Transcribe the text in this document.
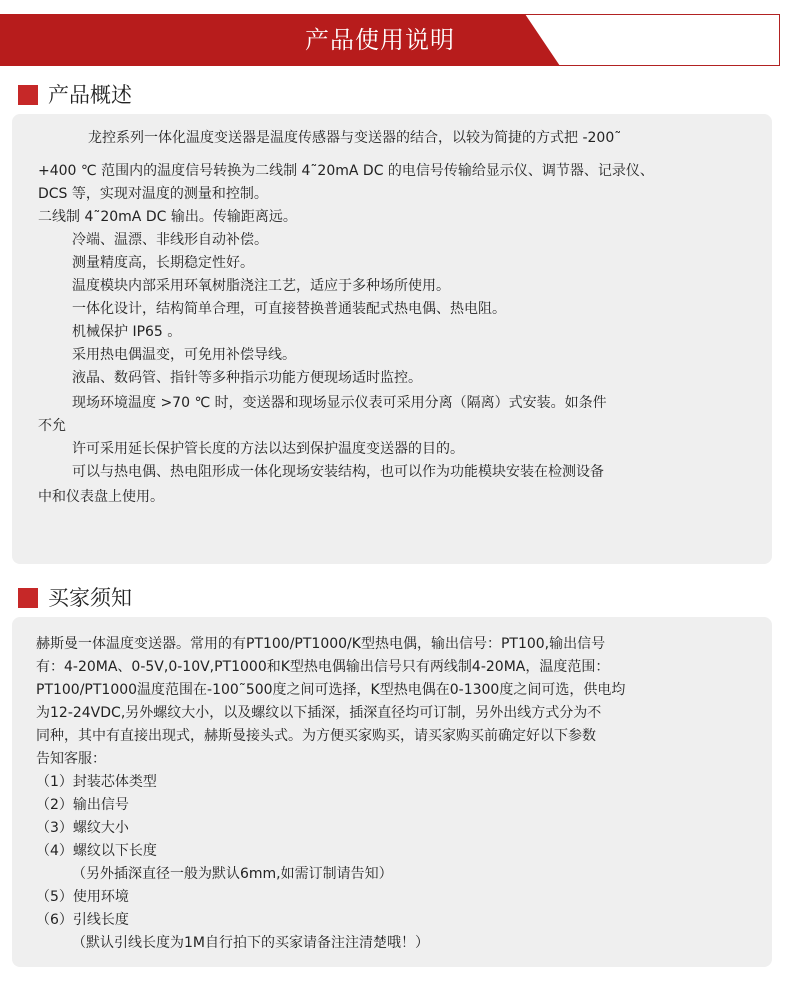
产品使用说明
产品概述
龙控系列一体化温度变送器是温度传感器与变送器的结合，以较为简捷的方式把 -200˜
+400 ℃ 范围内的温度信号转换为二线制 4˜20mA DC 的电信号传输给显示仪、调节器、记录仪、
DCS 等，实现对温度的测量和控制。
二线制 4˜20mA DC 输出。传输距离远。
冷端、温漂、非线形自动补偿。
测量精度高，长期稳定性好。
温度模块内部采用环氧树脂浇注工艺，适应于多种场所使用。
一体化设计，结构简单合理，可直接替换普通装配式热电偶、热电阻。
机械保护 IP65 。
采用热电偶温变，可免用补偿导线。
液晶、数码管、指针等多种指示功能方便现场适时监控。
现场环境温度 >70 ℃ 时，变送器和现场显示仪表可采用分离（隔离）式安装。如条件
不允
许可采用延长保护管长度的方法以达到保护温度变送器的目的。
可以与热电偶、热电阻形成一体化现场安装结构，也可以作为功能模块安装在检测设备
中和仪表盘上使用。
买家须知
赫斯曼一体温度变送器。常用的有PT100/PT1000/K型热电偶，输出信号：PT100,输出信号
有：4-20MA、0-5V,0-10V,PT1000和K型热电偶输出信号只有两线制4-20MA，温度范围：
PT100/PT1000温度范围在-100˜500度之间可选择，K型热电偶在0-1300度之间可选，供电均
为12-24VDC,另外螺纹大小，以及螺纹以下插深，插深直径均可订制，另外出线方式分为不
同种，其中有直接出现式，赫斯曼接头式。为方便买家购买，请买家购买前确定好以下参数
告知客服：
（1）封装芯体类型
（2）输出信号
（3）螺纹大小
（4）螺纹以下长度
（另外插深直径一般为默认6mm,如需订制请告知）
（5）使用环境
（6）引线长度
（默认引线长度为1M自行拍下的买家请备注注清楚哦！）
